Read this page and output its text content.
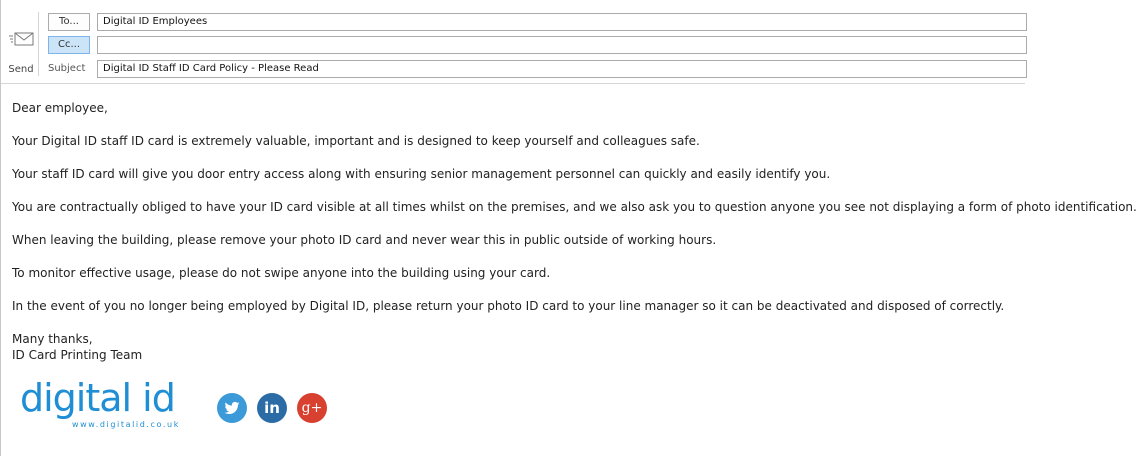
Send
To...
Cc...
Subject
Digital ID Employees
Digital ID Staff ID Card Policy - Please Read

Dear employee,

Your Digital ID staff ID card is extremely valuable, important and is designed to keep yourself and colleagues safe.

Your staff ID card will give you door entry access along with ensuring senior management personnel can quickly and easily identify you.

You are contractually obliged to have your ID card visible at all times whilst on the premises, and we also ask you to question anyone you see not displaying a form of photo identification.

When leaving the building, please remove your photo ID card and never wear this in public outside of working hours.

To monitor effective usage, please do not swipe anyone into the building using your card.

In the event of you no longer being employed by Digital ID, please return your photo ID card to your line manager so it can be deactivated and disposed of correctly.

Many thanks,

ID Card Printing Team

digital id
www.digitalid.co.uk
in	g+
